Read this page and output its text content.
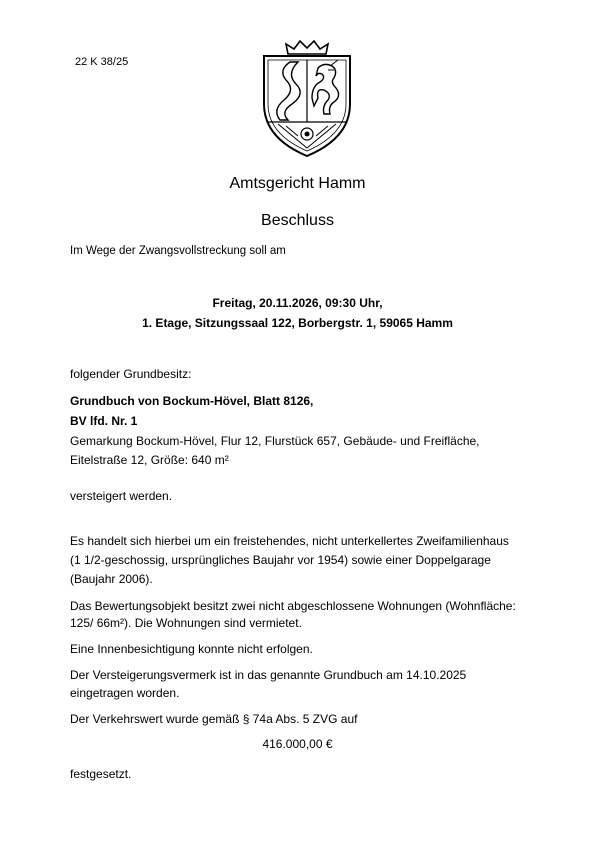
22 K 38/25
Amtsgericht Hamm
Beschluss
Im Wege der Zwangsvollstreckung soll am
Freitag, 20.11.2026, 09:30 Uhr,
1. Etage, Sitzungssaal 122, Borbergstr. 1, 59065 Hamm
folgender Grundbesitz:
Grundbuch von Bockum-Hövel, Blatt 8126,
BV lfd. Nr. 1
Gemarkung Bockum-Hövel, Flur 12, Flurstück 657, Gebäude- und Freifläche,
Eitelstraße 12, Größe: 640 m²
versteigert werden.
Es handelt sich hierbei um ein freistehendes, nicht unterkellertes Zweifamilienhaus
(1 1/2-geschossig, ursprüngliches Baujahr vor 1954) sowie einer Doppelgarage
(Baujahr 2006).
Das Bewertungsobjekt besitzt zwei nicht abgeschlossene Wohnungen (Wohnfläche:
125/ 66m²). Die Wohnungen sind vermietet.
Eine Innenbesichtigung konnte nicht erfolgen.
Der Versteigerungsvermerk ist in das genannte Grundbuch am 14.10.2025
eingetragen worden.
Der Verkehrswert wurde gemäß § 74a Abs. 5 ZVG auf
416.000,00 €
festgesetzt.
